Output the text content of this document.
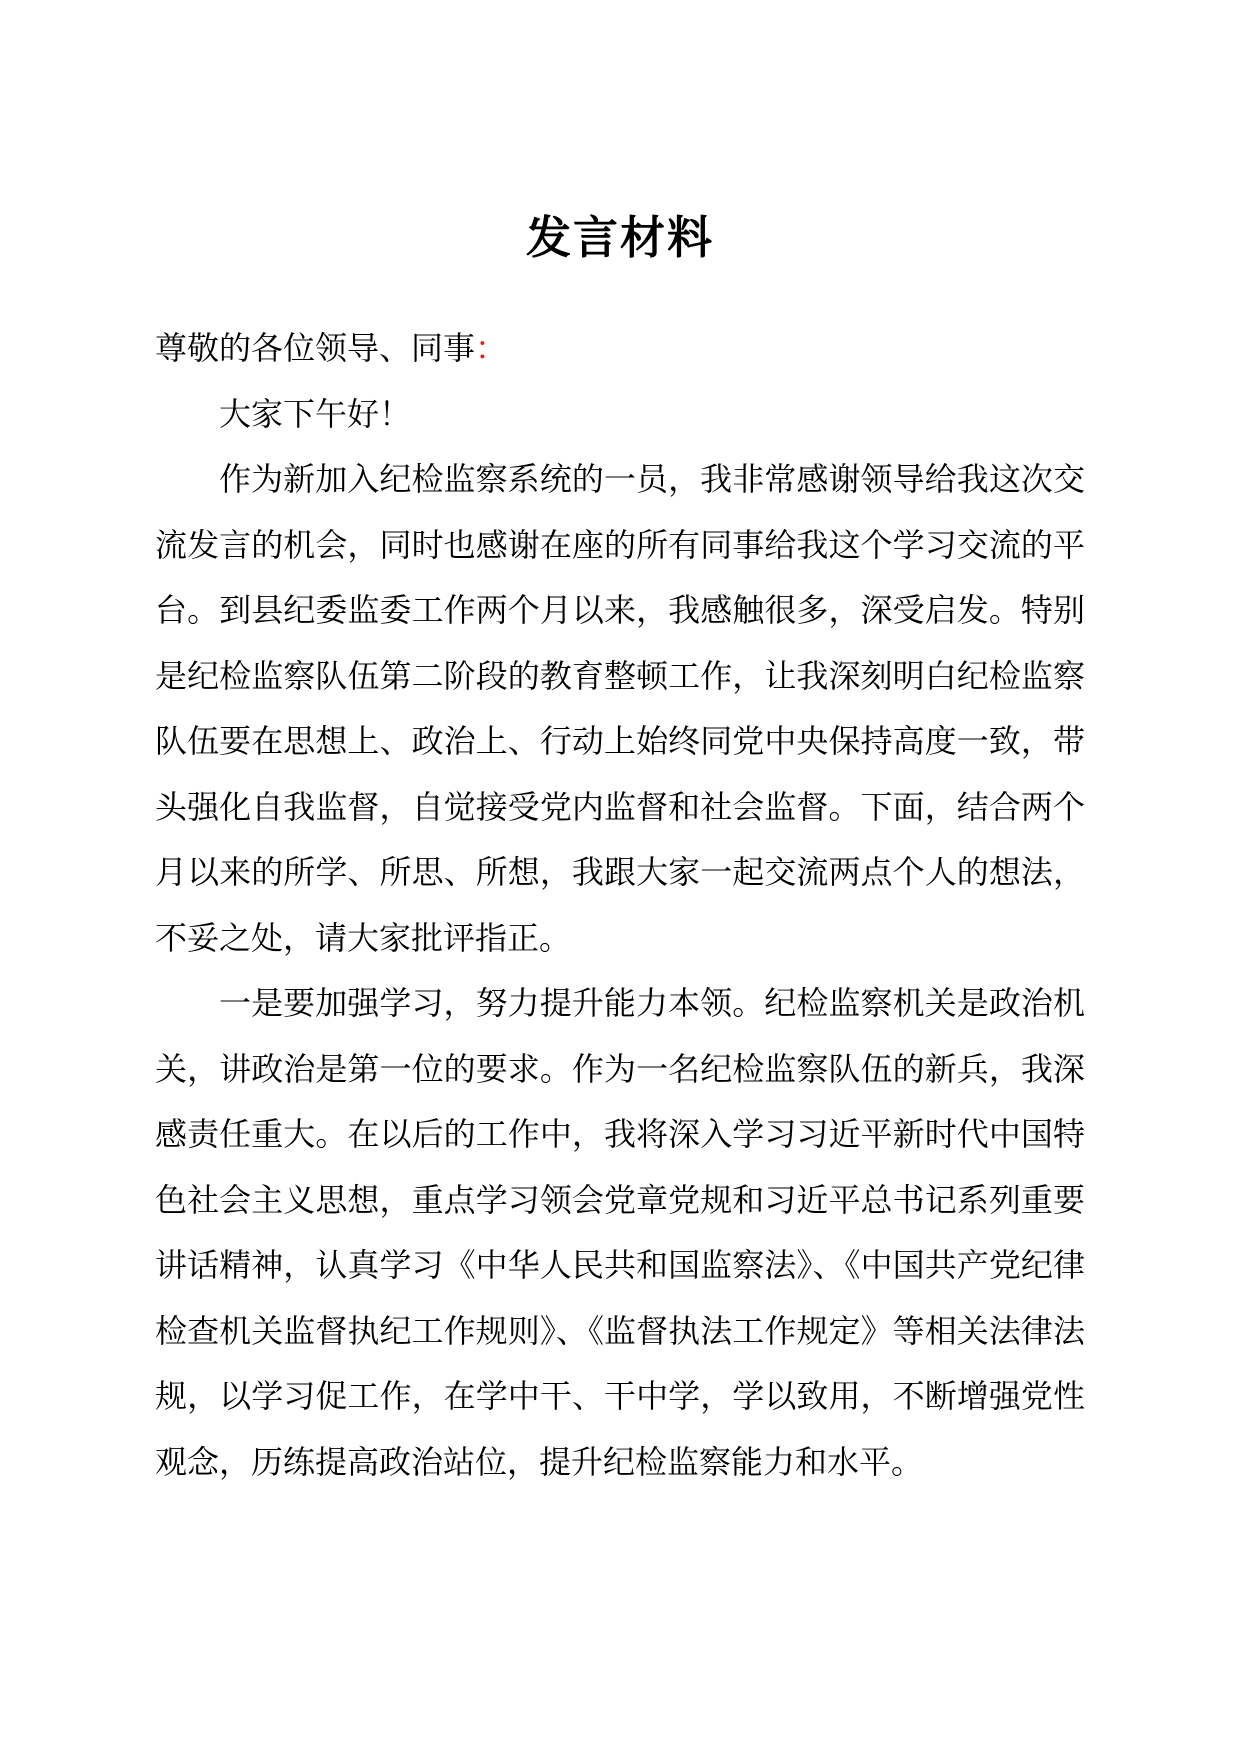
发言材料

尊敬的各位领导、同事：

大家下午好！

作为新加入纪检监察系统的一员，我非常感谢领导给我这次交流发言的机会，同时也感谢在座的所有同事给我这个学习交流的平台。到县纪委监委工作两个月以来，我感触很多，深受启发。特别是纪检监察队伍第二阶段的教育整顿工作，让我深刻明白纪检监察队伍要在思想上、政治上、行动上始终同党中央保持高度一致，带头强化自我监督，自觉接受党内监督和社会监督。下面，结合两个月以来的所学、所思、所想，我跟大家一起交流两点个人的想法，不妥之处，请大家批评指正。

一是要加强学习，努力提升能力本领。纪检监察机关是政治机关，讲政治是第一位的要求。作为一名纪检监察队伍的新兵，我深感责任重大。在以后的工作中，我将深入学习习近平新时代中国特色社会主义思想，重点学习领会党章党规和习近平总书记系列重要讲话精神，认真学习《中华人民共和国监察法》、《中国共产党纪律检查机关监督执纪工作规则》、《监督执法工作规定》等相关法律法规，以学习促工作，在学中干、干中学，学以致用，不断增强党性观念，历练提高政治站位，提升纪检监察能力和水平。
